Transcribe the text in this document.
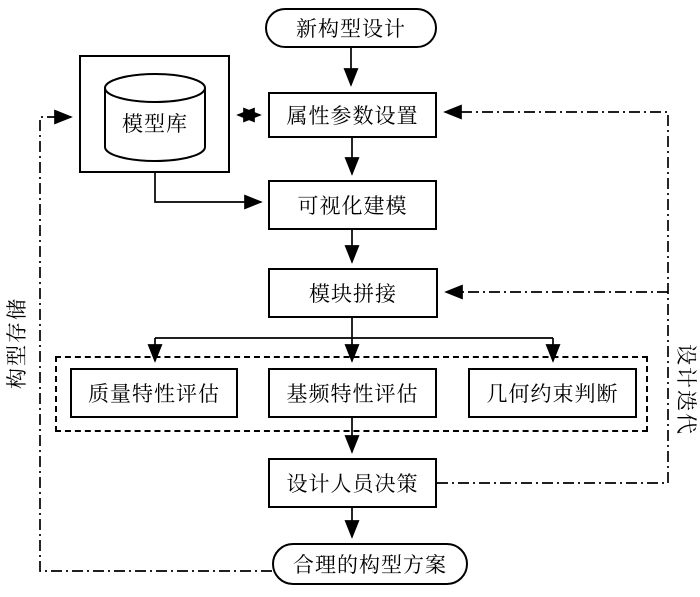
新构型设计
模型库	属性参数设置
可视化建模
模块拼接
质量特性评估	基频特性评估	几何约束判断
设计人员决策
合理的构型方案
构型存储
设计迭代
